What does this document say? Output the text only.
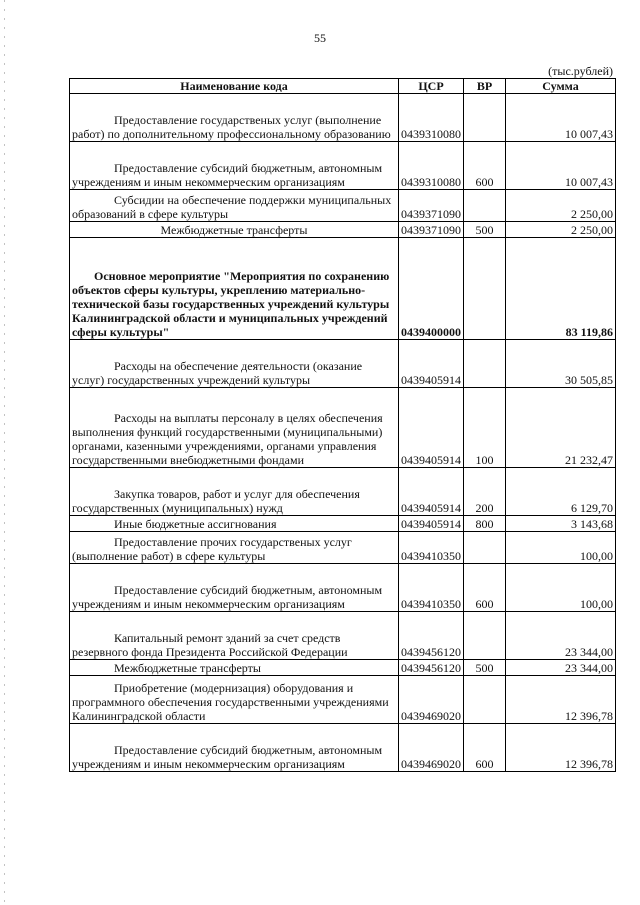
55
(тыс.рублей)
Наименование кода	ЦСР	ВР	Сумма
Предоставление государственых услуг (выполнение работ) по дополнительному профессиональному образованию	0439310080		10 007,43
Предоставление субсидий бюджетным, автономным учреждениям и иным некоммерческим организациям	0439310080	600	10 007,43
Субсидии на обеспечение поддержки муниципальных образований в сфере культуры	0439371090		2 250,00
Межбюджетные трансферты	0439371090	500	2 250,00
Основное мероприятие "Мероприятия по сохранению объектов сферы культуры, укреплению материально-технической базы государственных учреждений культуры Калининградской области и муниципальных учреждений сферы культуры"	0439400000		83 119,86
Расходы на обеспечение деятельности (оказание услуг) государственных учреждений культуры	0439405914		30 505,85
Расходы на выплаты персоналу в целях обеспечения выполнения функций государственными (муниципальными) органами, казенными учреждениями, органами управления государственными внебюджетными фондами	0439405914	100	21 232,47
Закупка товаров, работ и услуг для обеспечения государственных (муниципальных) нужд	0439405914	200	6 129,70
Иные бюджетные ассигнования	0439405914	800	3 143,68
Предоставление прочих государственых услуг (выполнение работ) в сфере культуры	0439410350		100,00
Предоставление субсидий бюджетным, автономным учреждениям и иным некоммерческим организациям	0439410350	600	100,00
Капитальный ремонт зданий за счет средств резервного фонда Президента Российской Федерации	0439456120		23 344,00
Межбюджетные трансферты	0439456120	500	23 344,00
Приобретение (модернизация) оборудования и программного обеспечения государственными учреждениями Калининградской области	0439469020		12 396,78
Предоставление субсидий бюджетным, автономным учреждениям и иным некоммерческим организациям	0439469020	600	12 396,78
